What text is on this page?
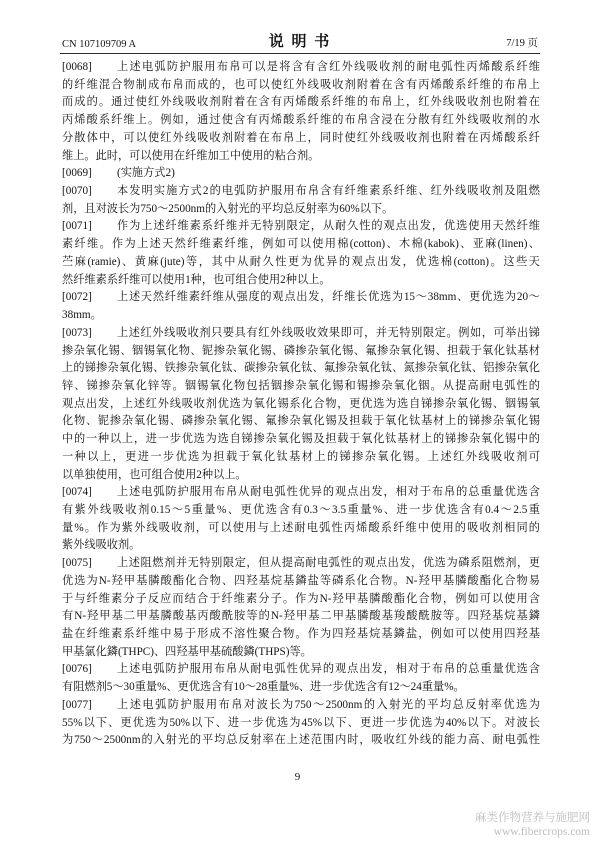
CN 107109709 A	说 明 书	7/19 页
[0068]	上述电弧防护服用布帛可以是将含有含红外线吸收剂的耐电弧性丙烯酸系纤维
的纤维混合物制成布帛而成的，也可以使红外线吸收剂附着在含有丙烯酸系纤维的布帛上
而成的。通过使红外线吸收剂附着在含有丙烯酸系纤维的布帛上，红外线吸收剂也附着在
丙烯酸系纤维上。例如，通过使含有丙烯酸系纤维的布帛含浸在分散有红外线吸收剂的水
分散体中，可以使红外线吸收剂附着在布帛上，同时使红外线吸收剂也附着在丙烯酸系纤
维上。此时，可以使用在纤维加工中使用的粘合剂。
[0069]	(实施方式2)
[0070]	本发明实施方式2的电弧防护服用布帛含有纤维素系纤维、红外线吸收剂及阻燃
剂，且对波长为750～2500nm的入射光的平均总反射率为60%以下。
[0071]	作为上述纤维素系纤维并无特别限定，从耐久性的观点出发，优选使用天然纤维
素纤维。作为上述天然纤维素纤维，例如可以使用棉(cotton)、木棉(kabok)、亚麻(linen)、
苎麻(ramie)、黄麻(jute)等，其中从耐久性更为优异的观点出发，优选棉(cotton)。这些天
然纤维素系纤维可以使用1种，也可组合使用2种以上。
[0072]	上述天然纤维素纤维从强度的观点出发，纤维长优选为15～38mm、更优选为20～
38mm。
[0073]	上述红外线吸收剂只要具有红外线吸收效果即可，并无特别限定。例如，可举出锑
掺杂氧化锡、铟锡氧化物、铌掺杂氧化锡、磷掺杂氧化锡、氟掺杂氧化锡、担载于氧化钛基材
上的锑掺杂氧化锡、铁掺杂氧化钛、碳掺杂氧化钛、氟掺杂氧化钛、氮掺杂氧化钛、铝掺杂氧化
锌、锑掺杂氧化锌等。铟锡氧化物包括铟掺杂氧化锡和锡掺杂氧化铟。从提高耐电弧性的
观点出发，上述红外线吸收剂优选为氧化锡系化合物，更优选为选自锑掺杂氧化锡、铟锡氧
化物、铌掺杂氧化锡、磷掺杂氧化锡、氟掺杂氧化锡及担载于氧化钛基材上的锑掺杂氧化锡
中的一种以上，进一步优选为选自锑掺杂氧化锡及担载于氧化钛基材上的锑掺杂氧化锡中的
一种以上，更进一步优选为担载于氧化钛基材上的锑掺杂氧化锡。上述红外线吸收剂可
以单独使用，也可组合使用2种以上。
[0074]	上述电弧防护服用布帛从耐电弧性优异的观点出发，相对于布帛的总重量优选含
有紫外线吸收剂0.15～5重量%、更优选含有0.3～3.5重量%、进一步优选含有0.4～2.5重
量%。作为紫外线吸收剂，可以使用与上述耐电弧性丙烯酸系纤维中使用的吸收剂相同的
紫外线吸收剂。
[0075]	上述阻燃剂并无特别限定，但从提高耐电弧性的观点出发，优选为磷系阻燃剂，更
优选为N-羟甲基膦酸酯化合物、四羟基烷基鏻盐等磷系化合物。N-羟甲基膦酸酯化合物易
于与纤维素分子反应而结合于纤维素分子。作为N-羟甲基膦酸酯化合物，例如可以使用含
有N-羟甲基二甲基膦酸基丙酸酰胺等的N-羟甲基二甲基膦酸基羧酸酰胺等。四羟基烷基鏻
盐在纤维素系纤维中易于形成不溶性聚合物。作为四羟基烷基鏻盐，例如可以使用四羟基
甲基氯化鏻(THPC)、四羟基甲基硫酸鏻(THPS)等。
[0076]	上述电弧防护服用布帛从耐电弧性优异的观点出发，相对于布帛的总重量优选含
有阻燃剂5～30重量%、更优选含有10～28重量%、进一步优选含有12～24重量%。
[0077]	上述电弧防护服用布帛对波长为750～2500nm的入射光的平均总反射率优选为
55%以下、更优选为50%以下、进一步优选为45%以下、更进一步优选为40%以下。对波长
为750～2500nm的入射光的平均总反射率在上述范围内时，吸收红外线的能力高、耐电弧性
9
麻类作物营养与施肥网
www.fibercrops.com
